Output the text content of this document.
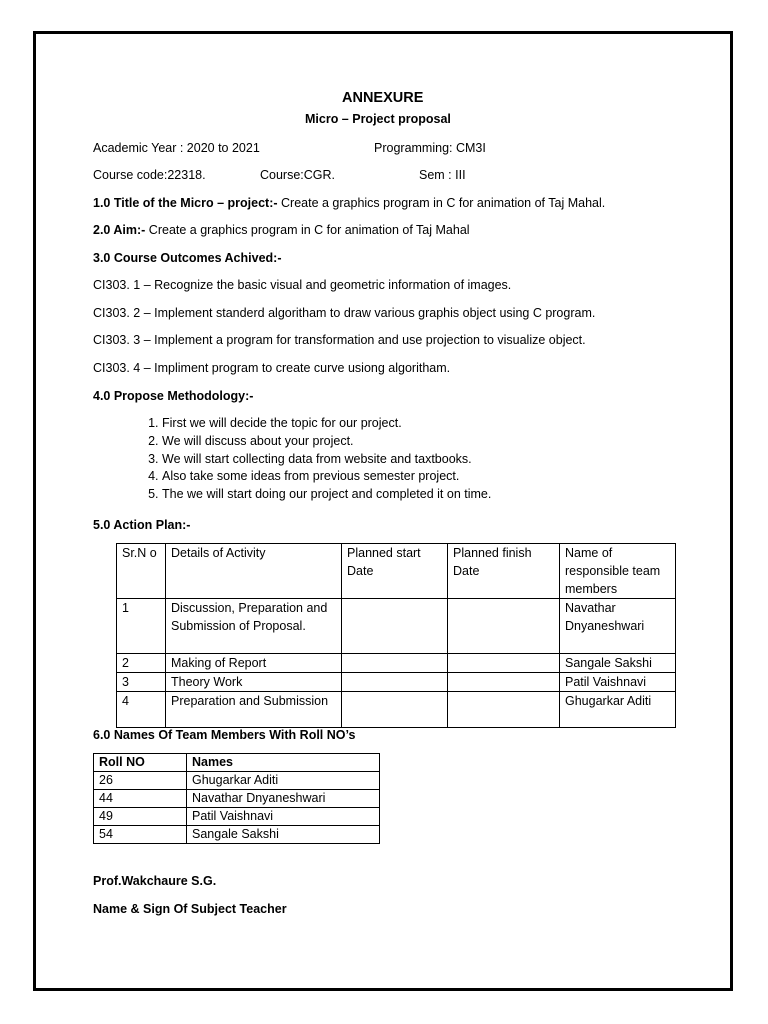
ANNEXURE
Micro – Project proposal
Academic Year : 2020 to 2021	Programming: CM3I
Course code:22318.	Course:CGR.	Sem : III
1.0 Title of the Micro – project:- Create a graphics program in C for animation of Taj Mahal.
2.0 Aim:- Create a graphics program in C for animation of Taj Mahal
3.0 Course Outcomes Achived:-
CI303. 1 – Recognize the basic visual and geometric information of images.
CI303. 2 – Implement standerd algoritham to draw various graphis object using C program.
CI303. 3 – Implement a program for transformation and use projection to visualize object.
CI303. 4 – Impliment program to create curve usiong algoritham.
4.0 Propose Methodology:-
1. First we will decide the topic for our project.
2. We will discuss about your project.
3. We will start collecting data from website and taxtbooks.
4. Also take some ideas from previous semester project.
5. The we will start doing our project and completed it on time.
5.0 Action Plan:-
Sr.N o	Details of Activity	Planned start Date	Planned finish Date	Name of responsible team members
1	Discussion, Preparation and Submission of Proposal.			Navathar Dnyaneshwari
2	Making of Report			Sangale Sakshi
3	Theory Work			Patil Vaishnavi
4	Preparation and Submission			Ghugarkar Aditi
6.0 Names Of Team Members With Roll NO’s
Roll NO	Names
26	Ghugarkar Aditi
44	Navathar Dnyaneshwari
49	Patil Vaishnavi
54	Sangale Sakshi
Prof.Wakchaure S.G.
Name & Sign Of Subject Teacher
